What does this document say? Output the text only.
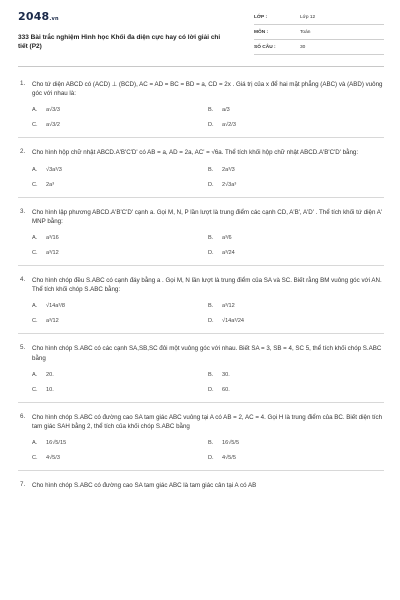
2048.vn
333 Bài trắc nghiệm Hình học Khối đa diện cực hay có lời giải chi tiết (P2)
LỚP :	Lớp 12
MÔN :	Toán
SỐ CÂU :	30
1. Cho tứ diện ABCD có (ACD) ⊥ (BCD), AC = AD = BC = BD = a, CD = 2x . Giá trị của x để hai mặt phẳng (ABC) và (ABD) vuông góc với nhau là:
A. a√3/3	B. a/3
C. a√3/2	D. a√2/3
2. Cho hình hộp chữ nhật ABCD.A'B'C'D' có AB = a, AD = 2a, AC' = √6a. Thể tích khối hộp chữ nhật ABCD.A'B'C'D' bằng:
A. √3a³/3	B. 2a³/3
C. 2a³	D. 2√3a³
3. Cho hình lập phương ABCD.A'B'C'D' cạnh a. Gọi M, N, P lần lượt là trung điểm các cạnh CD, A'B', A'D' . Thể tích khối tứ diện A' MNP bằng:
A. a³/16	B. a³/6
C. a³/12	D. a³/24
4. Cho hình chóp đều S.ABC có cạnh đáy bằng a . Gọi M, N lần lượt là trung điểm của SA và SC. Biết rằng BM vuông góc với AN. Thể tích khối chóp S.ABC bằng:
A. √14a³/8	B. a³/12
C. a³/12	D. √14a³/24
5. Cho hình chóp S.ABC có các cạnh SA,SB,SC đôi một vuông góc với nhau. Biết SA = 3, SB = 4, SC 5, thể tích khối chóp S.ABC bằng
A. 20.	B. 30.
C. 10.	D. 60.
6. Cho hình chóp S.ABC có đường cao SA tam giác ABC vuông tại A có AB = 2, AC = 4. Gọi H là trung điểm của BC. Biết diện tích tam giác SAH bằng 2, thể tích của khối chóp S.ABC bằng
A. 16√5/15	B. 16√5/5
C. 4√5/3	D. 4√5/5
7. Cho hình chóp S.ABC có đường cao SA tam giác ABC là tam giác cân tại A có AB
